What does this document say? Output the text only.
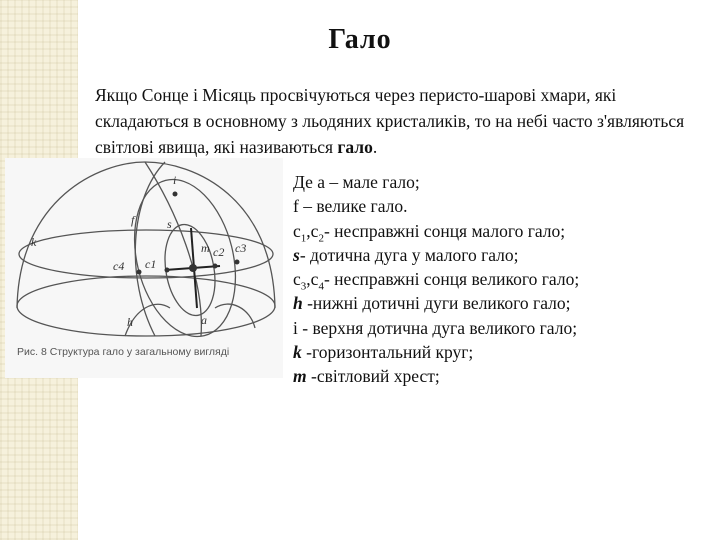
Гало
Якщо Сонце і Місяць просвічуються через перисто-шарові хмари, які складаються в основному з льодяних кристаликів, то на небі часто з'являються світлові явища, які називаються гало.
i
f	s
k	m
c4 c1
c2 c3
h	a
Рис. 8 Структура гало у загальному вигляді
Де а – мале гало;
f – велике гало.
$с_1,с_2-$ несправжні сонця малого гало;
s- дотична дуга у малого гало;
$с_3,с_4-$ несправжні сонця великого гало;
h -нижні дотичні дуги великого гало;
i - верхня дотична дуга великого гало;
k -горизонтальний круг;
m -світловий хрест;
